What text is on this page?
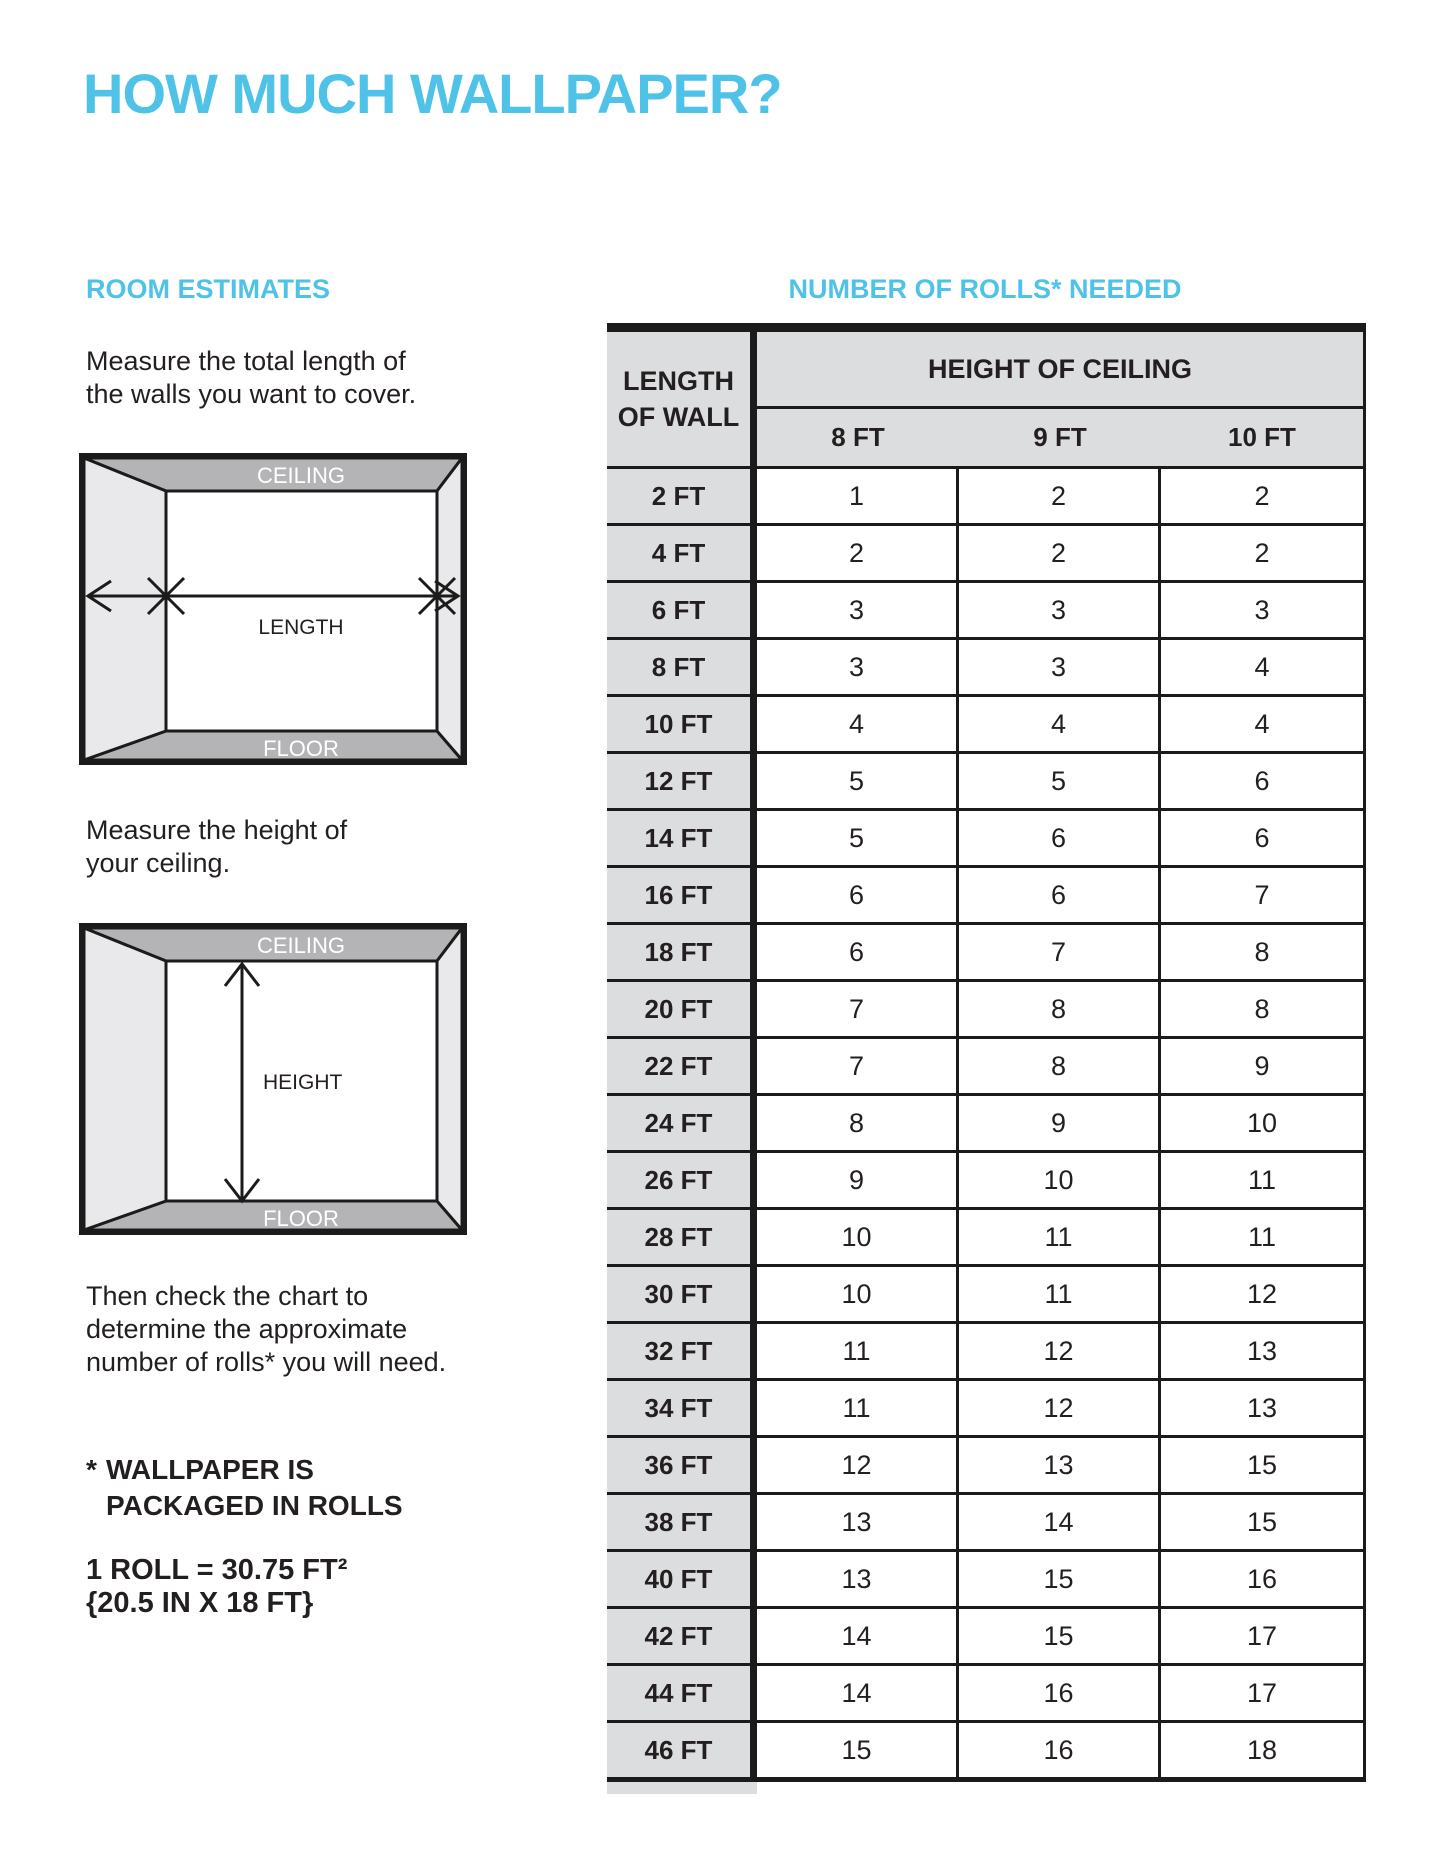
HOW MUCH WALLPAPER?
ROOM ESTIMATES
Measure the total length of
the walls you want to cover.
CEILING
FLOOR
LENGTH
Measure the height of
your ceiling.
CEILING
FLOOR
HEIGHT
Then check the chart to
determine the approximate
number of rolls* you will need.
* WALLPAPER IS
PACKAGED IN ROLLS
1 ROLL = 30.75 FT²
{20.5 IN X 18 FT}
NUMBER OF ROLLS* NEEDED
LENGTH
OF WALL
HEIGHT OF CEILING
8 FT	9 FT	10 FT
2 FT	1	2	2
4 FT	2	2	2
6 FT	3	3	3
8 FT	3	3	4
10 FT	4	4	4
12 FT	5	5	6
14 FT	5	6	6
16 FT	6	6	7
18 FT	6	7	8
20 FT	7	8	8
22 FT	7	8	9
24 FT	8	9	10
26 FT	9	10	11
28 FT	10	11	11
30 FT	10	11	12
32 FT	11	12	13
34 FT	11	12	13
36 FT	12	13	15
38 FT	13	14	15
40 FT	13	15	16
42 FT	14	15	17
44 FT	14	16	17
46 FT	15	16	18
